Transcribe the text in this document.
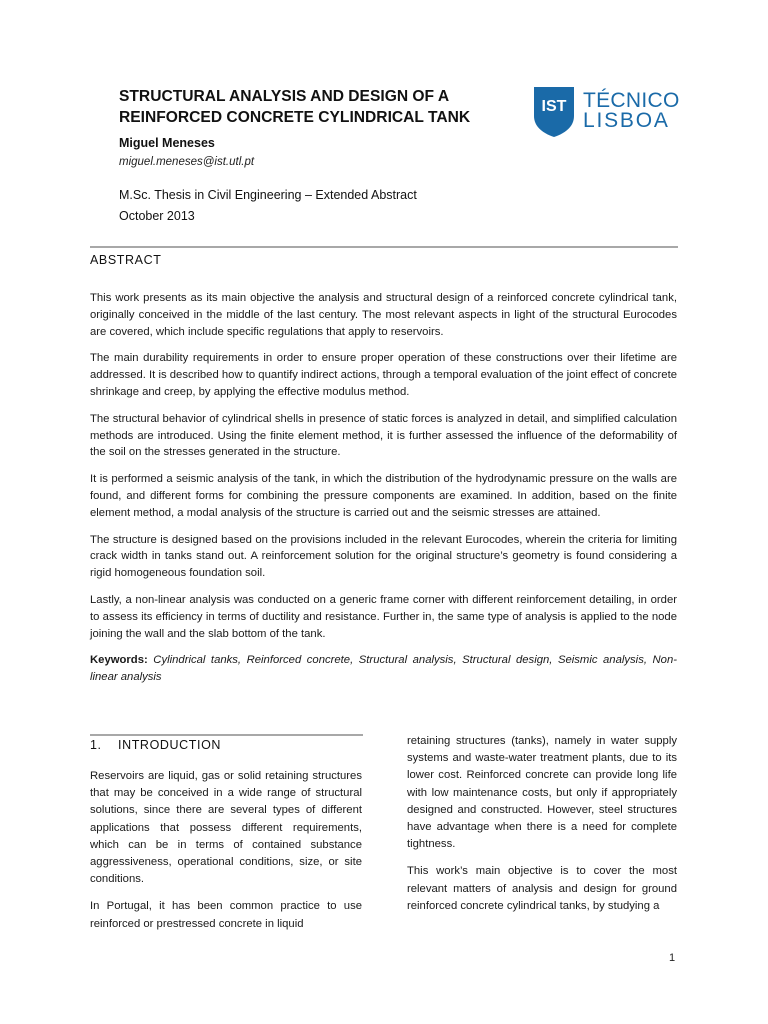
STRUCTURAL ANALYSIS AND DESIGN OF A
REINFORCED CONCRETE CYLINDRICAL TANK
Miguel Meneses
miguel.meneses@ist.utl.pt
M.Sc. Thesis in Civil Engineering – Extended Abstract
October 2013
IST TÉCNICO
LISBOA
ABSTRACT

This work presents as its main objective the analysis and structural design of a reinforced concrete cylindrical tank, originally conceived in the middle of the last century. The most relevant aspects in light of the structural Eurocodes are covered, which include specific regulations that apply to reservoirs.

The main durability requirements in order to ensure proper operation of these constructions over their lifetime are addressed. It is described how to quantify indirect actions, through a temporal evaluation of the joint effect of concrete shrinkage and creep, by applying the effective modulus method.

The structural behavior of cylindrical shells in presence of static forces is analyzed in detail, and simplified calculation methods are introduced. Using the finite element method, it is further assessed the influence of the deformability of the soil on the stresses generated in the structure.

It is performed a seismic analysis of the tank, in which the distribution of the hydrodynamic pressure on the walls are found, and different forms for combining the pressure components are examined. In addition, based on the finite element method, a modal analysis of the structure is carried out and the seismic stresses are attained.

The structure is designed based on the provisions included in the relevant Eurocodes, wherein the criteria for limiting crack width in tanks stand out. A reinforcement solution for the original structure’s geometry is found considering a rigid homogeneous foundation soil.

Lastly, a non-linear analysis was conducted on a generic frame corner with different reinforcement detailing, in order to assess its efficiency in terms of ductility and resistance. Further in, the same type of analysis is applied to the node joining the wall and the slab bottom of the tank.

Keywords: Cylindrical tanks, Reinforced concrete, Structural analysis, Structural design, Seismic analysis, Non-linear analysis

1. INTRODUCTION

Reservoirs are liquid, gas or solid retaining structures that may be conceived in a wide range of structural solutions, since there are several types of different applications that possess different requirements, which can be in terms of contained substance aggressiveness, operational conditions, size, or site conditions.

In Portugal, it has been common practice to use reinforced or prestressed concrete in liquid

retaining structures (tanks), namely in water supply systems and waste-water treatment plants, due to its lower cost. Reinforced concrete can provide long life with low maintenance costs, but only if appropriately designed and constructed. However, steel structures have advantage when there is a need for complete tightness.

This work’s main objective is to cover the most relevant matters of analysis and design for ground reinforced concrete cylindrical tanks, by studying a

1
